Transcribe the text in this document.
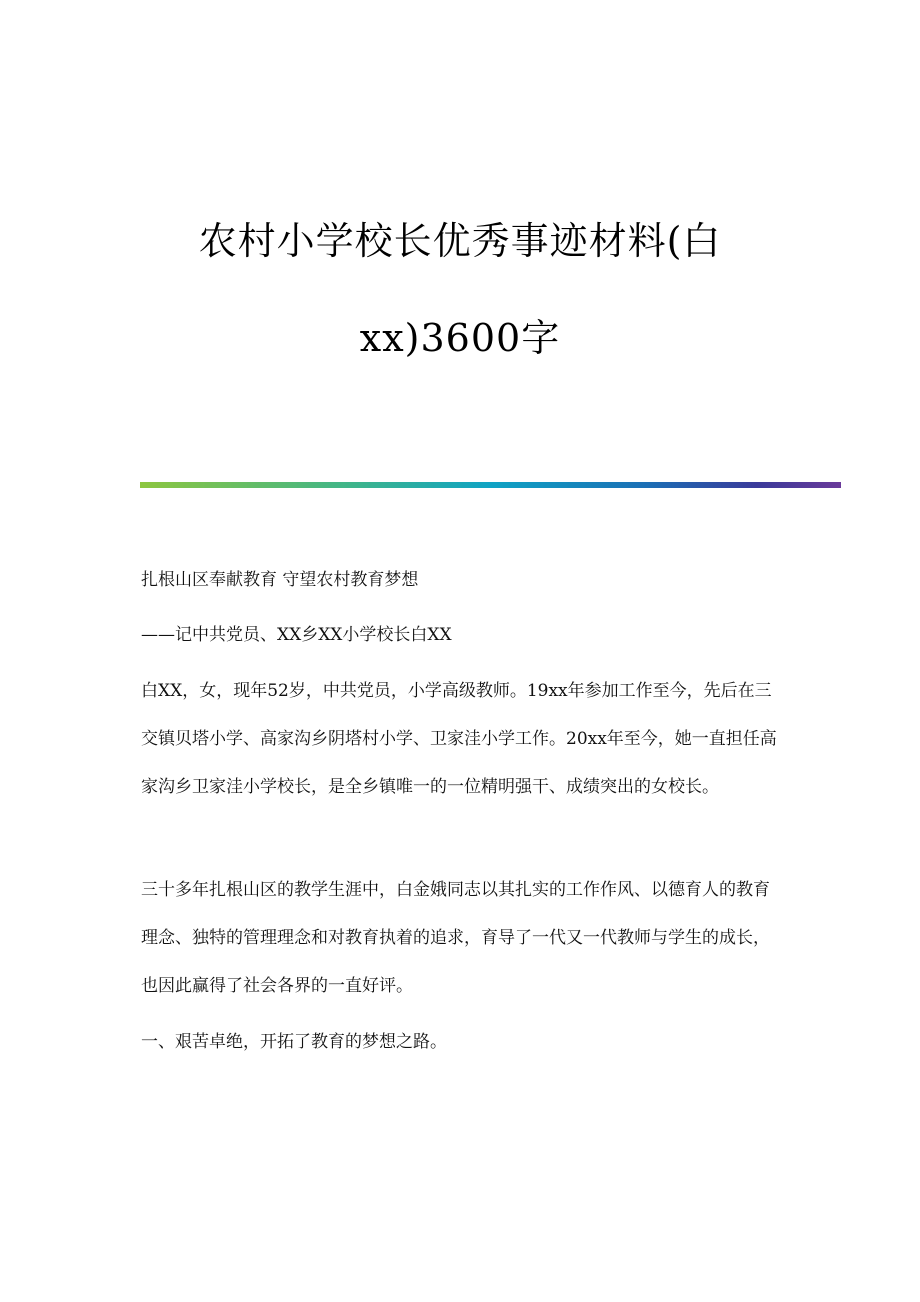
农村小学校长优秀事迹材料(白
xx)3600字
扎根山区奉献教育 守望农村教育梦想
——记中共党员、XX乡XX小学校长白XX
白XX，女，现年52岁，中共党员，小学高级教师。19xx年参加工作至今，先后在三交镇贝塔小学、高家沟乡阴塔村小学、卫家洼小学工作。20xx年至今，她一直担任高家沟乡卫家洼小学校长，是全乡镇唯一的一位精明强干、成绩突出的女校长。
三十多年扎根山区的教学生涯中，白金娥同志以其扎实的工作作风、以德育人的教育理念、独特的管理理念和对教育执着的追求，育导了一代又一代教师与学生的成长，也因此赢得了社会各界的一直好评。
一、艰苦卓绝，开拓了教育的梦想之路。
